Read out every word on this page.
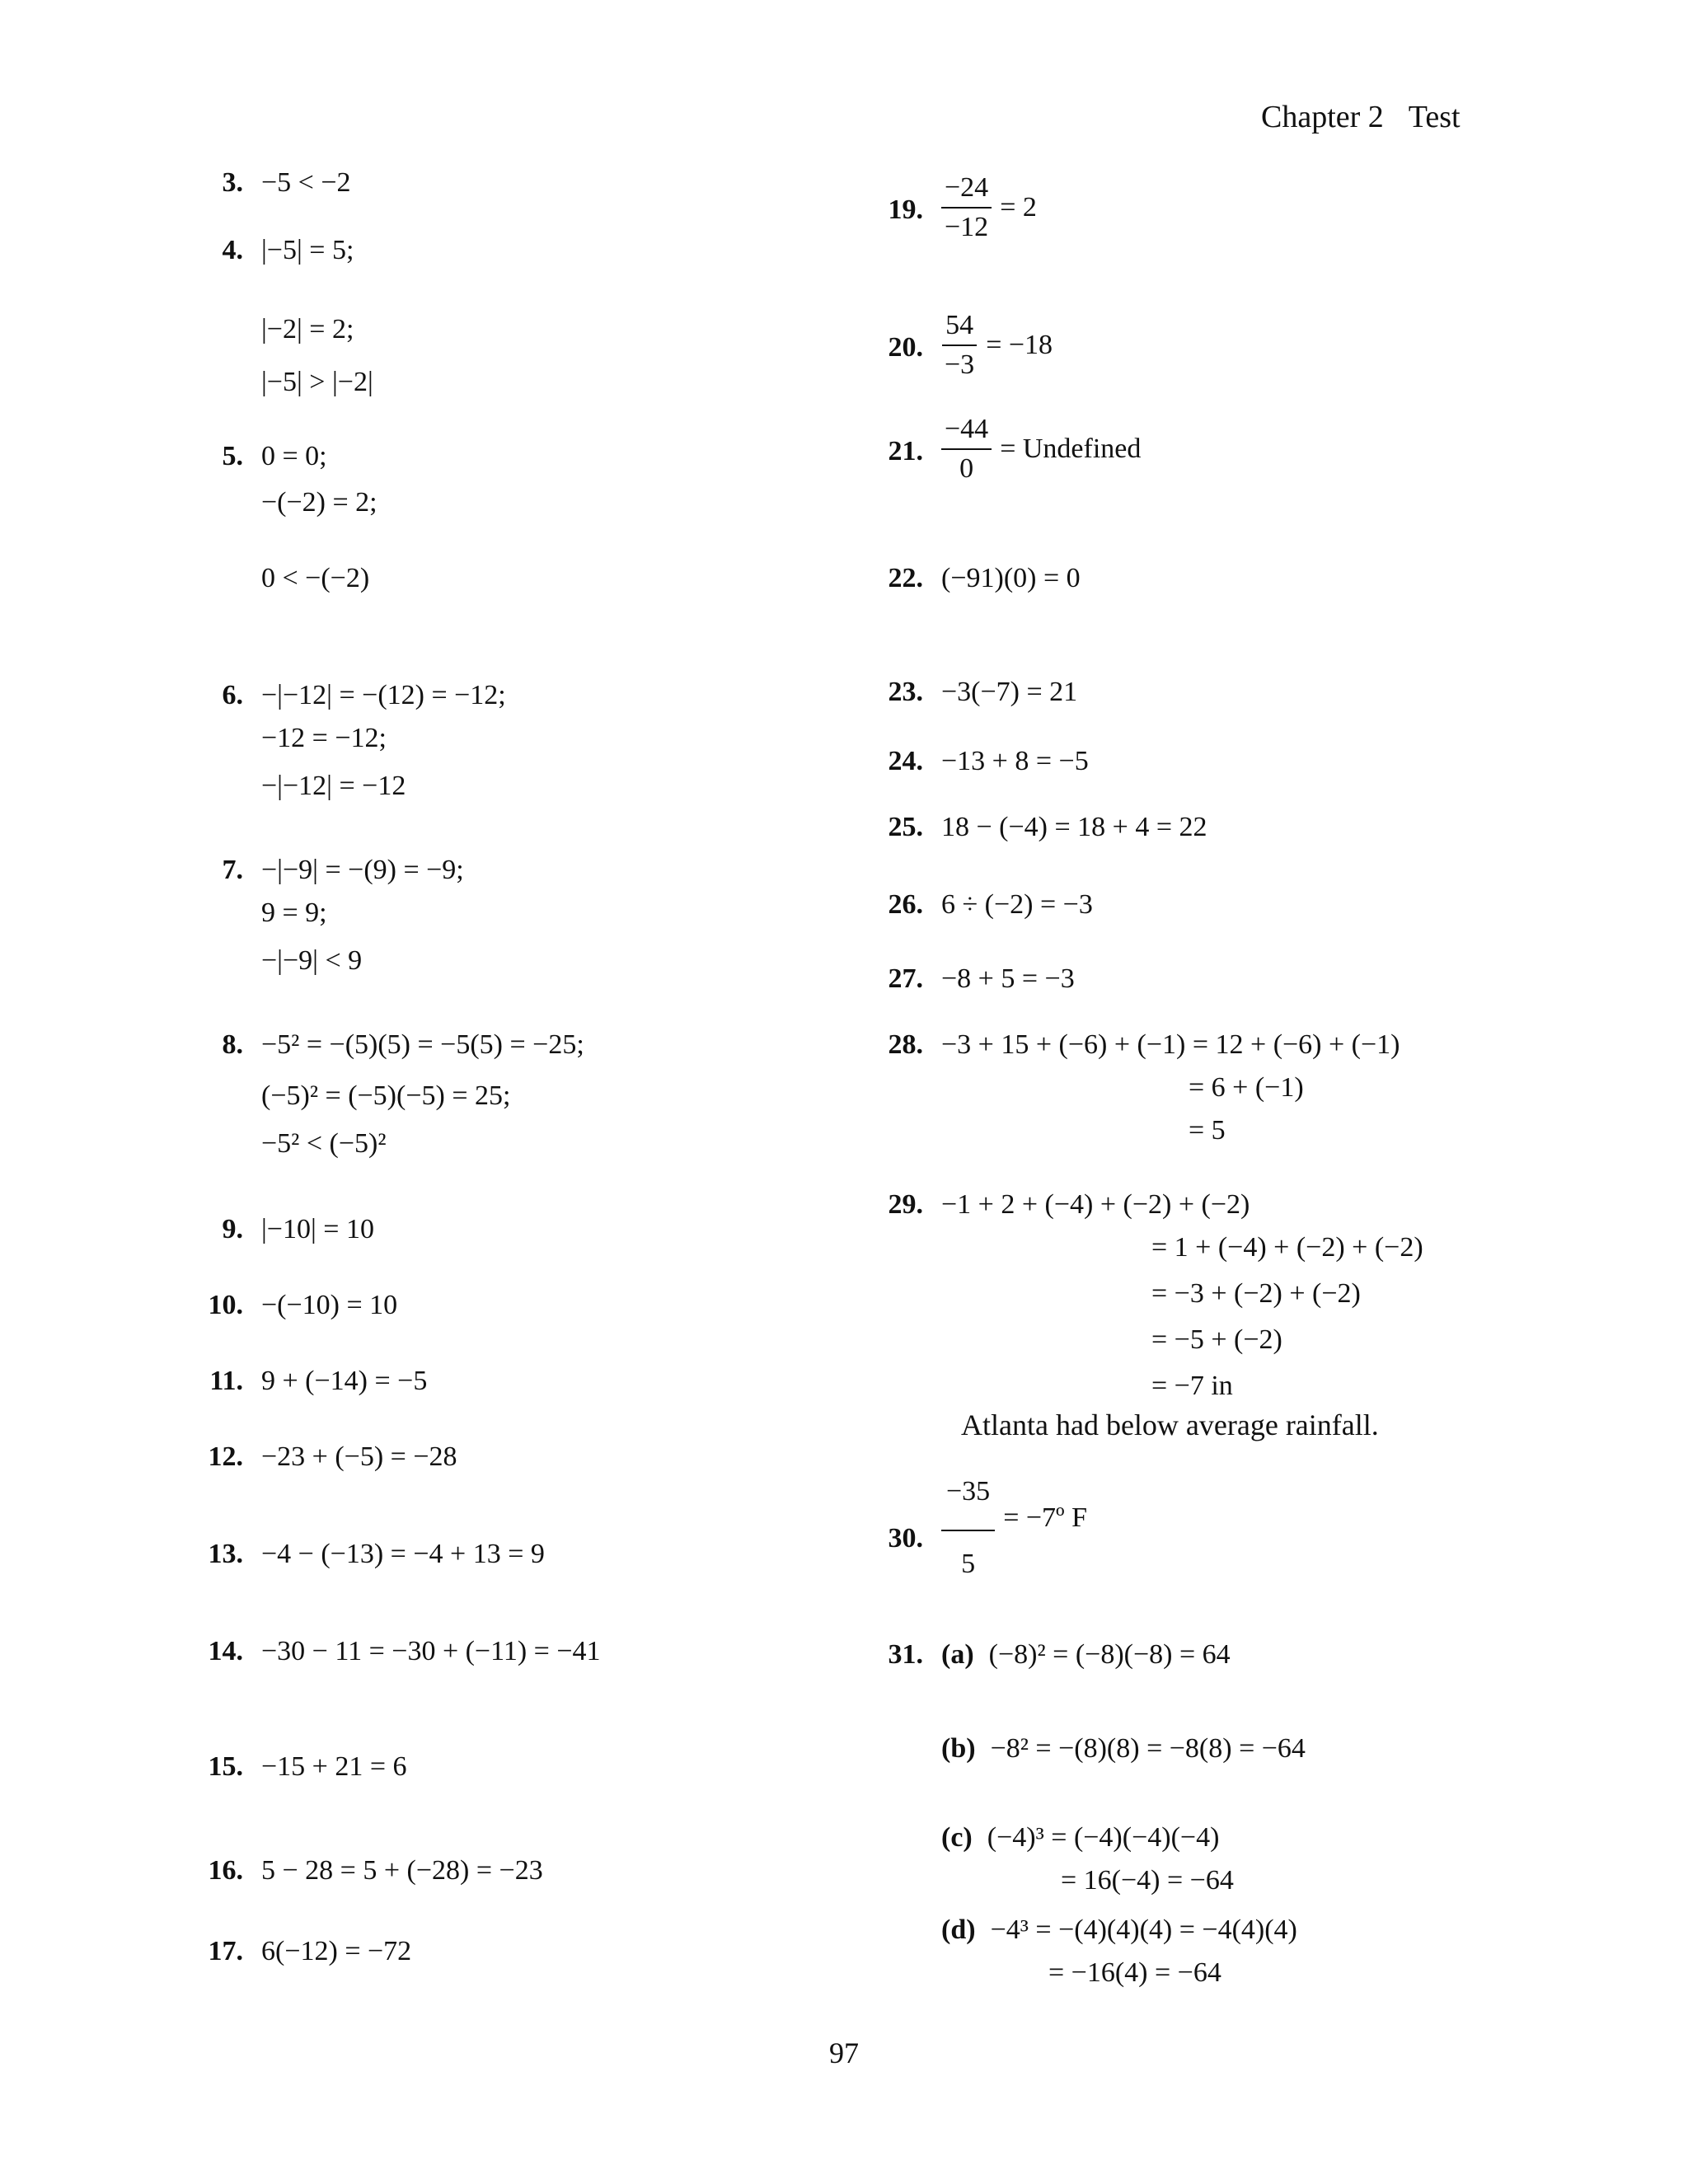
Chapter 2 Test
3. −5 < −2
4. |−5| = 5;
|−2| = 2;
|−5| > |−2|
5. 0 = 0;
−(−2) = 2;
0 < −(−2)
6. −|−12| = −(12) = −12;
−12 = −12;
−|−12| = −12
7. −|−9| = −(9) = −9;
9 = 9;
−|−9| < 9
8. −5² = −(5)(5) = −5(5) = −25;
(−5)² = (−5)(−5) = 25;
−5² < (−5)²
9. |−10| = 10
10. −(−10) = 10
11. 9 + (−14) = −5
12. −23 + (−5) = −28
13. −4 − (−13) = −4 + 13 = 9
14. −30 − 11 = −30 + (−11) = −41
15. −15 + 21 = 6
16. 5 − 28 = 5 + (−28) = −23
17. 6(−12) = −72
19. $\frac{-24}{-12} = 2$
20. $\frac{54}{-3} = -18$
21. $\frac{-44}{0}$ = Undefined
22. (−91)(0) = 0
23. −3(−7) = 21
24. −13 + 8 = −5
25. 18 − (−4) = 18 + 4 = 22
26. 6 ÷ (−2) = −3
27. −8 + 5 = −3
28. −3 + 15 + (−6) + (−1) = 12 + (−6) + (−1)
= 6 + (−1)
= 5
29. −1 + 2 + (−4) + (−2) + (−2)
= 1 + (−4) + (−2) + (−2)
= −3 + (−2) + (−2)
= −5 + (−2)
= −7 in
Atlanta had below average rainfall.
30. $\frac{-35}{5}$ = −7º F
31. (a) (−8)² = (−8)(−8) = 64
(b) −8² = −(8)(8) = −8(8) = −64
(c) (−4)³ = (−4)(−4)(−4)
= 16(−4) = −64
(d) −4³ = −(4)(4)(4) = −4(4)(4)
= −16(4) = −64
97
